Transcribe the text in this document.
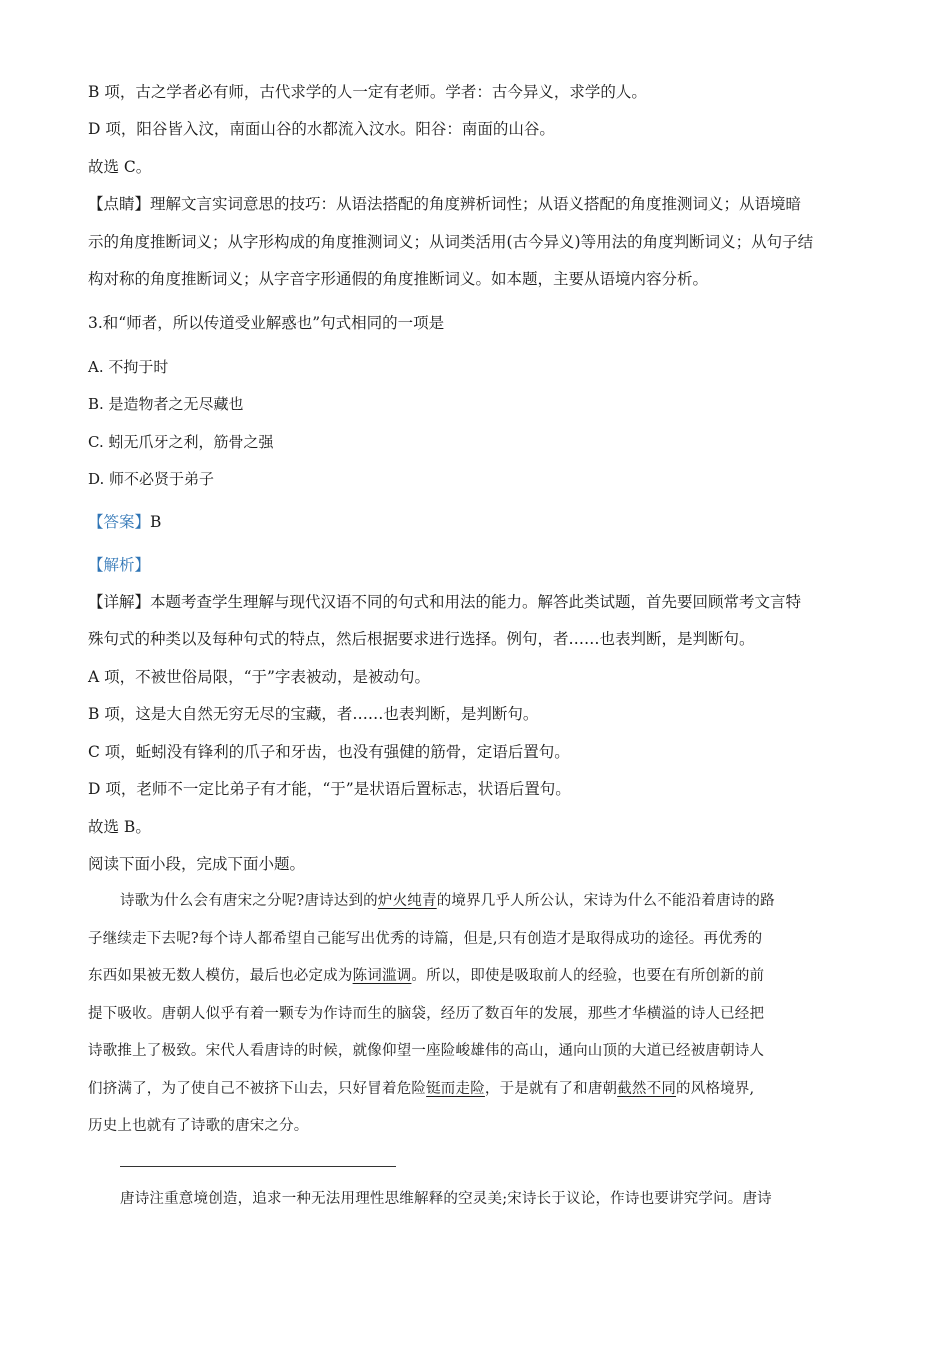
B 项，古之学者必有师，古代求学的人一定有老师。学者：古今异义，求学的人。
D 项，阳谷皆入汶，南面山谷的水都流入汶水。阳谷：南面的山谷。
故选 C。
【点睛】理解文言实词意思的技巧：从语法搭配的角度辨析词性；从语义搭配的角度推测词义；从语境暗
示的角度推断词义；从字形构成的角度推测词义；从词类活用(古今异义)等用法的角度判断词义；从句子结
构对称的角度推断词义；从字音字形通假的角度推断词义。如本题，主要从语境内容分析。
3.和“师者，所以传道受业解惑也”句式相同的一项是
A. 不拘于时
B. 是造物者之无尽藏也
C. 蚓无爪牙之利，筋骨之强
D. 师不必贤于弟子
【答案】B
【解析】
【详解】本题考查学生理解与现代汉语不同的句式和用法的能力。解答此类试题，首先要回顾常考文言特
殊句式的种类以及每种句式的特点，然后根据要求进行选择。例句，者……也表判断，是判断句。
A 项，不被世俗局限，“于”字表被动，是被动句。
B 项，这是大自然无穷无尽的宝藏，者……也表判断，是判断句。
C 项，蚯蚓没有锋利的爪子和牙齿，也没有强健的筋骨，定语后置句。
D 项，老师不一定比弟子有才能，“于”是状语后置标志，状语后置句。
故选 B。
阅读下面小段，完成下面小题。
诗歌为什么会有唐宋之分呢?唐诗达到的炉火纯青的境界几乎人所公认，宋诗为什么不能沿着唐诗的路
子继续走下去呢?每个诗人都希望自己能写出优秀的诗篇，但是,只有创造才是取得成功的途径。再优秀的
东西如果被无数人模仿，最后也必定成为陈词滥调。所以，即使是吸取前人的经验，也要在有所创新的前
提下吸收。唐朝人似乎有着一颗专为作诗而生的脑袋，经历了数百年的发展，那些才华横溢的诗人已经把
诗歌推上了极致。宋代人看唐诗的时候，就像仰望一座险峻雄伟的高山，通向山顶的大道已经被唐朝诗人
们挤满了，为了使自己不被挤下山去，只好冒着危险铤而走险，于是就有了和唐朝截然不同的风格境界,
历史上也就有了诗歌的唐宋之分。
唐诗注重意境创造，追求一种无法用理性思维解释的空灵美;宋诗长于议论，作诗也要讲究学问。唐诗
